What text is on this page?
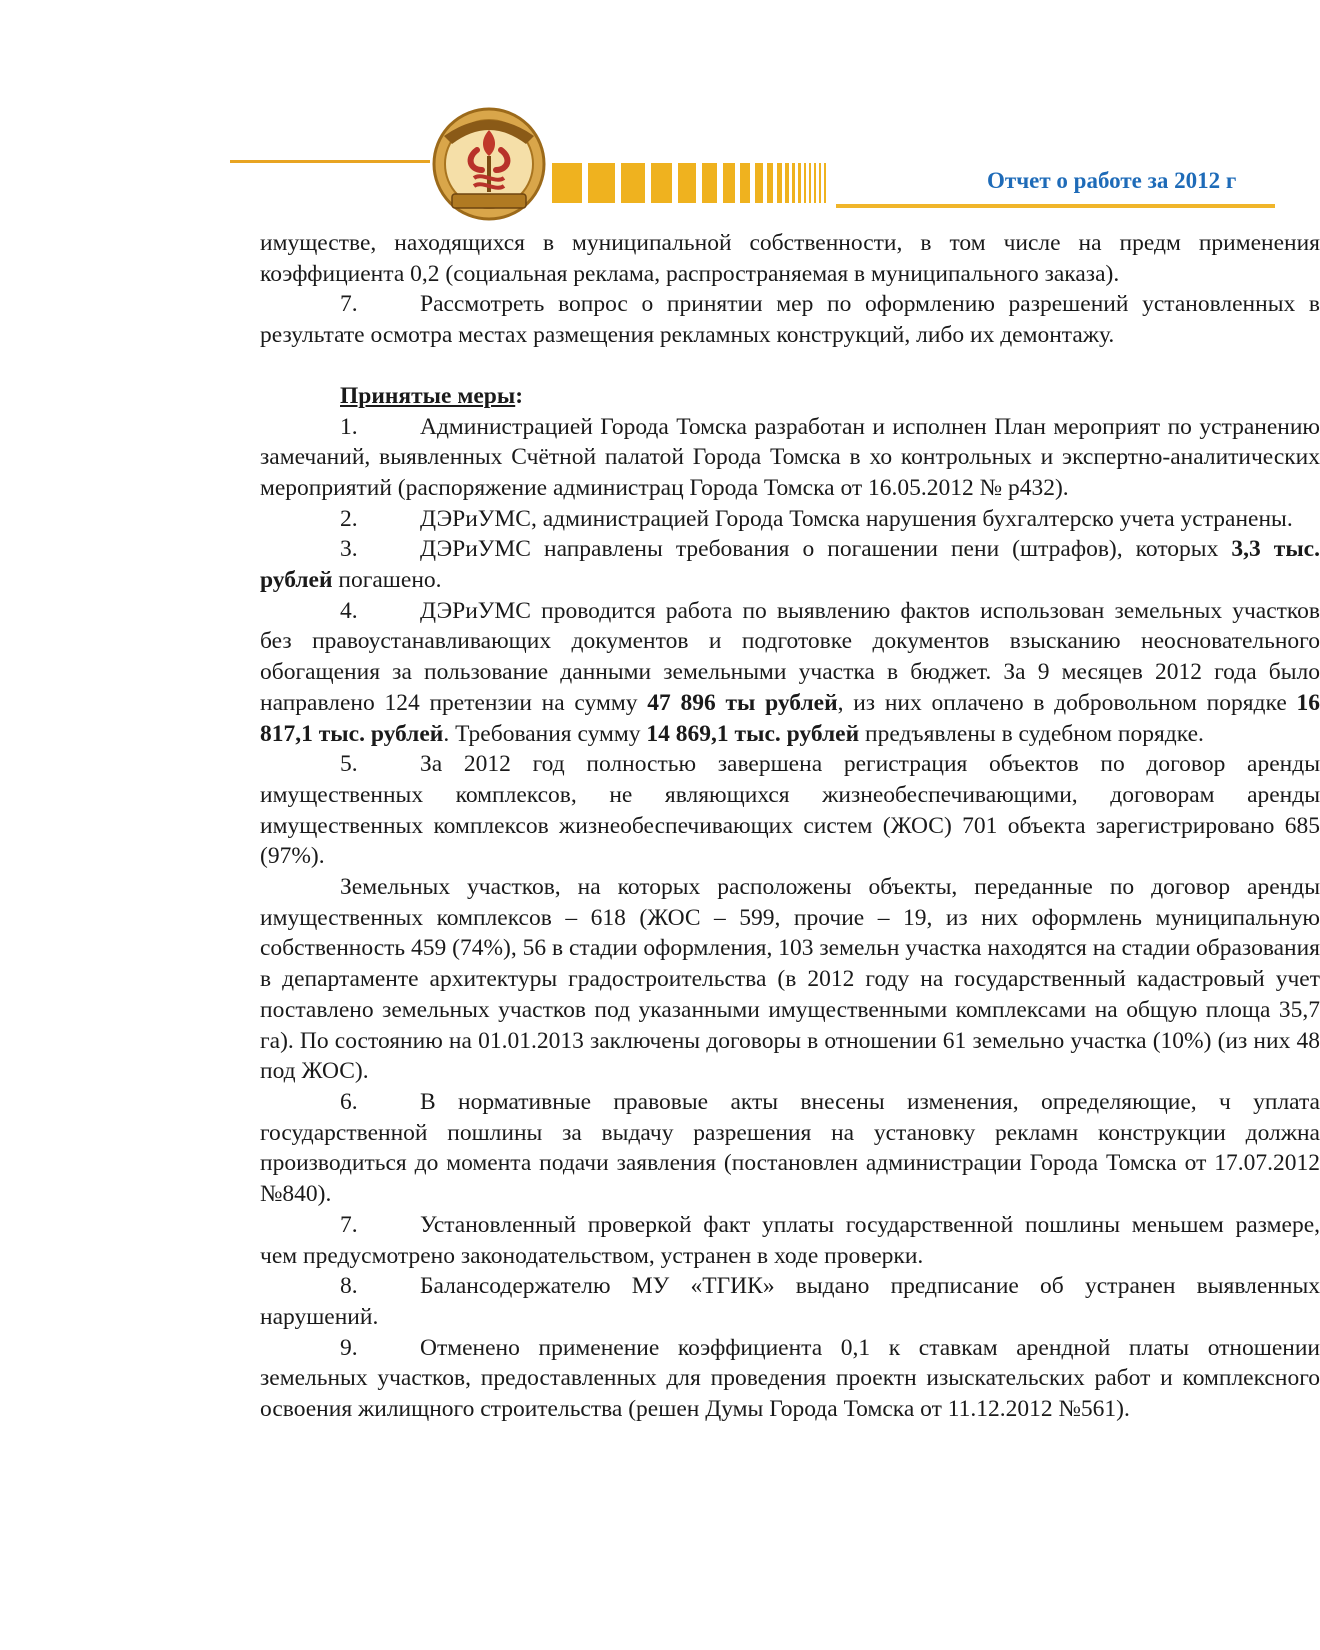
Отчет о работе за 2012 г

имуществе, находящихся в муниципальной собственности, в том числе на предм применения коэффициента 0,2 (социальная реклама, распространяемая в муниципального заказа).

7.	Рассмотреть вопрос о принятии мер по оформлению разрешений установленных в результате осмотра местах размещения рекламных конструкций, либо их демонтажу.

Принятые меры:

1.	Администрацией Города Томска разработан и исполнен План мероприят по устранению замечаний, выявленных Счётной палатой Города Томска в хо контрольных и экспертно-аналитических мероприятий (распоряжение администрац Города Томска от 16.05.2012 № р432).

2.	ДЭРиУМС, администрацией Города Томска нарушения бухгалтерско учета устранены.

3.	ДЭРиУМС направлены требования о погашении пени (штрафов), которых 3,3 тыс. рублей погашено.

4.	ДЭРиУМС проводится работа по выявлению фактов использован земельных участков без правоустанавливающих документов и подготовке документов взысканию неосновательного обогащения за пользование данными земельными участка в бюджет. За 9 месяцев 2012 года было направлено 124 претензии на сумму 47 896 ты рублей, из них оплачено в добровольном порядке 16 817,1 тыс. рублей. Требования сумму 14 869,1 тыс. рублей предъявлены в судебном порядке.

5.	За 2012 год полностью завершена регистрация объектов по договор аренды имущественных комплексов, не являющихся жизнеобеспечивающими, договорам аренды имущественных комплексов жизнеобеспечивающих систем (ЖОС) 701 объекта зарегистрировано 685 (97%).

Земельных участков, на которых расположены объекты, переданные по договор аренды имущественных комплексов – 618 (ЖОС – 599, прочие – 19, из них оформлень муниципальную собственность 459 (74%), 56 в стадии оформления, 103 земельн участка находятся на стадии образования в департаменте архитектуры градостроительства (в 2012 году на государственный кадастровый учет поставлено земельных участков под указанными имущественными комплексами на общую площа 35,7 га). По состоянию на 01.01.2013 заключены договоры в отношении 61 земельно участка (10%) (из них 48 под ЖОС).

6.	В нормативные правовые акты внесены изменения, определяющие, ч уплата государственной пошлины за выдачу разрешения на установку рекламн конструкции должна производиться до момента подачи заявления (постановлен администрации Города Томска от 17.07.2012 №840).

7.	Установленный проверкой факт уплаты государственной пошлины меньшем размере, чем предусмотрено законодательством, устранен в ходе проверки.

8.	Балансодержателю МУ «ТГИК» выдано предписание об устранен выявленных нарушений.

9.	Отменено применение коэффициента 0,1 к ставкам арендной платы отношении земельных участков, предоставленных для проведения проектн изыскательских работ и комплексного освоения жилищного строительства (решен Думы Города Томска от 11.12.2012 №561).
